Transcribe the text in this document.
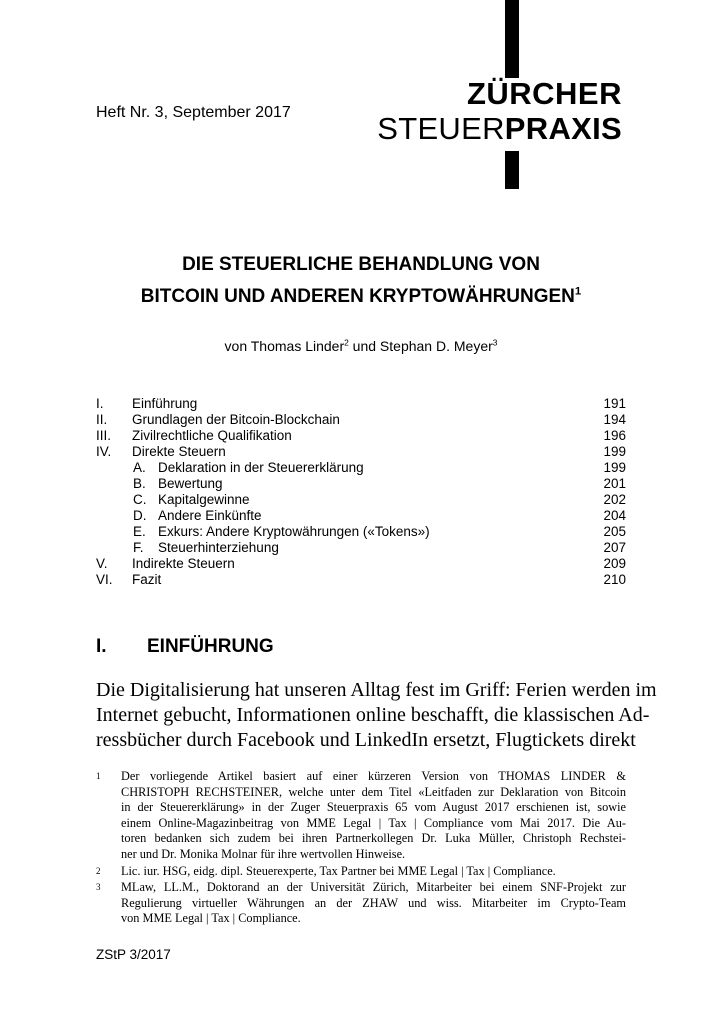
Heft Nr. 3, September 2017
ZÜRCHER
STEUERPRAXIS
DIE STEUERLICHE BEHANDLUNG VON
BITCOIN UND ANDEREN KRYPTOWÄHRUNGEN$^1$
von Thomas Linder$^2$ und Stephan D. Meyer$^3$
I. Einführung	191
II. Grundlagen der Bitcoin-Blockchain	194
III. Zivilrechtliche Qualifikation	196
IV. Direkte Steuern	199
A. Deklaration in der Steuererklärung	199
B. Bewertung	201
C. Kapitalgewinne	202
D. Andere Einkünfte	204
E. Exkurs: Andere Kryptowährungen («Tokens»)	205
F. Steuerhinterziehung	207
V. Indirekte Steuern	209
VI. Fazit	210
I. EINFÜHRUNG
Die Digitalisierung hat unseren Alltag fest im Griff: Ferien werden im
Internet gebucht, Informationen online beschafft, die klassischen Ad-
ressbücher durch Facebook und LinkedIn ersetzt, Flugtickets direkt
1 Der vorliegende Artikel basiert auf einer kürzeren Version von THOMAS LINDER &
CHRISTOPH RECHSTEINER, welche unter dem Titel «Leitfaden zur Deklaration von Bitcoin
in der Steuererklärung» in der Zuger Steuerpraxis 65 vom August 2017 erschienen ist, sowie
einem Online-Magazinbeitrag von MME Legal | Tax | Compliance vom Mai 2017. Die Au-
toren bedanken sich zudem bei ihren Partnerkollegen Dr. Luka Müller, Christoph Rechstei-
ner und Dr. Monika Molnar für ihre wertvollen Hinweise.
2 Lic. iur. HSG, eidg. dipl. Steuerexperte, Tax Partner bei MME Legal | Tax | Compliance.
3 MLaw, LL.M., Doktorand an der Universität Zürich, Mitarbeiter bei einem SNF-Projekt zur
Regulierung virtueller Währungen an der ZHAW und wiss. Mitarbeiter im Crypto-Team
von MME Legal | Tax | Compliance.
ZStP 3/2017
